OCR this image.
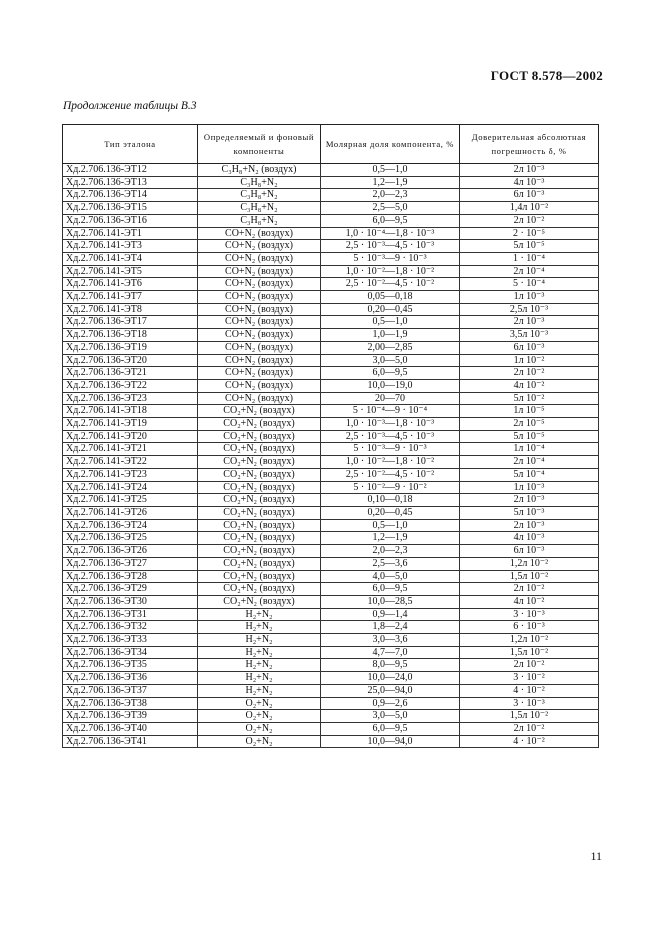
ГОСТ 8.578—2002
Продолжение таблицы В.3
Тип эталона	Определяемый и фоновый компоненты	Молярная доля компонента, %	Доверительная абсолютная погрешность δ, %
Хд.2.706.136-ЭТ12	C₃H₈+N₂ (воздух)	0,5—1,0	2л 10⁻³
Хд.2.706.136-ЭТ13	C₃H₈+N₂	1,2—1,9	4л 10⁻³
Хд.2.706.136-ЭТ14	C₃H₈+N₂	2,0—2,3	6л 10⁻³
Хд.2.706.136-ЭТ15	C₃H₈+N₂	2,5—5,0	1,4л 10⁻²
Хд.2.706.136-ЭТ16	C₃H₈+N₂	6,0—9,5	2л 10⁻²
Хд.2.706.141-ЭТ1	CO+N₂ (воздух)	1,0 · 10⁻⁴—1,8 · 10⁻³	2 · 10⁻⁵
Хд.2.706.141-ЭТ3	CO+N₂ (воздух)	2,5 · 10⁻³—4,5 · 10⁻³	5л 10⁻⁵
Хд.2.706.141-ЭТ4	CO+N₂ (воздух)	5 · 10⁻³—9 · 10⁻³	1 · 10⁻⁴
Хд.2.706.141-ЭТ5	CO+N₂ (воздух)	1,0 · 10⁻²—1,8 · 10⁻²	2л 10⁻⁴
Хд.2.706.141-ЭТ6	CO+N₂ (воздух)	2,5 · 10⁻²—4,5 · 10⁻²	5 · 10⁻⁴
Хд.2.706.141-ЭТ7	CO+N₂ (воздух)	0,05—0,18	1л 10⁻³
Хд.2.706.141-ЭТ8	CO+N₂ (воздух)	0,20—0,45	2,5л 10⁻³
Хд.2.706.136-ЭТ17	CO+N₂ (воздух)	0,5—1,0	2л 10⁻³
Хд.2.706.136-ЭТ18	CO+N₂ (воздух)	1,0—1,9	3,5л 10⁻³
Хд.2.706.136-ЭТ19	CO+N₂ (воздух)	2,00—2,85	6л 10⁻³
Хд.2.706.136-ЭТ20	CO+N₂ (воздух)	3,0—5,0	1л 10⁻²
Хд.2.706.136-ЭТ21	CO+N₂ (воздух)	6,0—9,5	2л 10⁻²
Хд.2.706.136-ЭТ22	CO+N₂ (воздух)	10,0—19,0	4л 10⁻²
Хд.2.706.136-ЭТ23	CO+N₂ (воздух)	20—70	5л 10⁻²
Хд.2.706.141-ЭТ18	CO₂+N₂ (воздух)	5 · 10⁻⁴—9 · 10⁻⁴	1л 10⁻⁵
Хд.2.706.141-ЭТ19	CO₂+N₂ (воздух)	1,0 · 10⁻³—1,8 · 10⁻³	2л 10⁻⁵
Хд.2.706.141-ЭТ20	CO₂+N₂ (воздух)	2,5 · 10⁻³—4,5 · 10⁻³	5л 10⁻⁵
Хд.2.706.141-ЭТ21	CO₂+N₂ (воздух)	5 · 10⁻³—9 · 10⁻³	1л 10⁻⁴
Хд.2.706.141-ЭТ22	CO₂+N₂ (воздух)	1,0 · 10⁻²—1,8 · 10⁻²	2л 10⁻⁴
Хд.2.706.141-ЭТ23	CO₂+N₂ (воздух)	2,5 · 10⁻²—4,5 · 10⁻²	5л 10⁻⁴
Хд.2.706.141-ЭТ24	CO₂+N₂ (воздух)	5 · 10⁻²—9 · 10⁻²	1л 10⁻³
Хд.2.706.141-ЭТ25	CO₂+N₂ (воздух)	0,10—0,18	2л 10⁻³
Хд.2.706.141-ЭТ26	CO₂+N₂ (воздух)	0,20—0,45	5л 10⁻³
Хд.2.706.136-ЭТ24	CO₂+N₂ (воздух)	0,5—1,0	2л 10⁻³
Хд.2.706.136-ЭТ25	CO₂+N₂ (воздух)	1,2—1,9	4л 10⁻³
Хд.2.706.136-ЭТ26	CO₂+N₂ (воздух)	2,0—2,3	6л 10⁻³
Хд.2.706.136-ЭТ27	CO₂+N₂ (воздух)	2,5—3,6	1,2л 10⁻²
Хд.2.706.136-ЭТ28	CO₂+N₂ (воздух)	4,0—5,0	1,5л 10⁻²
Хд.2.706.136-ЭТ29	CO₂+N₂ (воздух)	6,0—9,5	2л 10⁻²
Хд.2.706.136-ЭТ30	CO₂+N₂ (воздух)	10,0—28,5	4л 10⁻²
Хд.2.706.136-ЭТ31	H₂+N₂	0,9—1,4	3 · 10⁻³
Хд.2.706.136-ЭТ32	H₂+N₂	1,8—2,4	6 · 10⁻³
Хд.2.706.136-ЭТ33	H₂+N₂	3,0—3,6	1,2л 10⁻²
Хд.2.706.136-ЭТ34	H₂+N₂	4,7—7,0	1,5л 10⁻²
Хд.2.706.136-ЭТ35	H₂+N₂	8,0—9,5	2л 10⁻²
Хд.2.706.136-ЭТ36	H₂+N₂	10,0—24,0	3 · 10⁻²
Хд.2.706.136-ЭТ37	H₂+N₂	25,0—94,0	4 · 10⁻²
Хд.2.706.136-ЭТ38	O₂+N₂	0,9—2,6	3 · 10⁻³
Хд.2.706.136-ЭТ39	O₂+N₂	3,0—5,0	1,5л 10⁻²
Хд.2.706.136-ЭТ40	O₂+N₂	6,0—9,5	2л 10⁻²
Хд.2.706.136-ЭТ41	O₂+N₂	10,0—94,0	4 · 10⁻²
11
